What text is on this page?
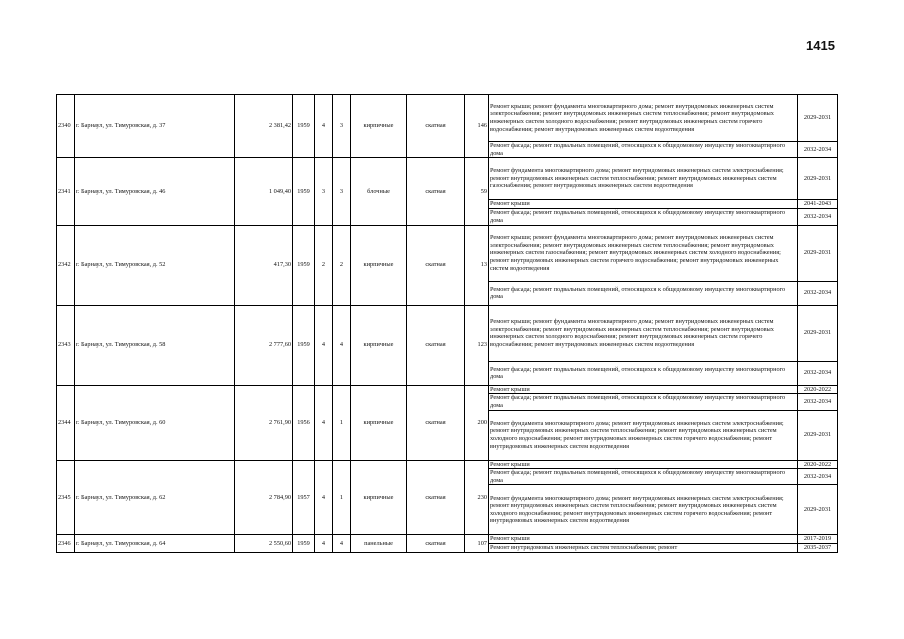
1415
2340	г. Барнаул, ул. Тимуровская, д. 37	2 381,42	1959	4	3	кирпичные	скатная	146	Ремонт крыши; ремонт фундамента многоквартирного дома; ремонт внутридомовых инженерных систем электроснабжения; ремонт внутридомовых инженерных систем теплоснабжения; ремонт внутридомовых инженерных систем холодного водоснабжения; ремонт внутридомовых инженерных систем горячего водоснабжения; ремонт внутридомовых инженерных систем водоотведения	2029-2031
									Ремонт фасада; ремонт подвальных помещений, относящихся к общедомовому имуществу многоквартирного дома	2032-2034
2341	г. Барнаул, ул. Тимуровская, д. 46	1 049,40	1959	3	3	блочные	скатная	59	Ремонт фундамента многоквартирного дома; ремонт внутридомовых инженерных систем электроснабжения; ремонт внутридомовых инженерных систем теплоснабжения; ремонт внутридомовых инженерных систем газоснабжения; ремонт внутридомовых инженерных систем водоотведения	2029-2031
									Ремонт крыши	2041-2043
									Ремонт фасада; ремонт подвальных помещений, относящихся к общедомовому имуществу многоквартирного дома	2032-2034
2342	г. Барнаул, ул. Тимуровская, д. 52	417,30	1959	2	2	кирпичные	скатная	13	Ремонт крыши; ремонт фундамента многоквартирного дома; ремонт внутридомовых инженерных систем электроснабжения; ремонт внутридомовых инженерных систем теплоснабжения; ремонт внутридомовых инженерных систем газоснабжения; ремонт внутридомовых инженерных систем холодного водоснабжения; ремонт внутридомовых инженерных систем горячего водоснабжения; ремонт внутридомовых инженерных систем водоотведения	2029-2031
									Ремонт фасада; ремонт подвальных помещений, относящихся к общедомовому имуществу многоквартирного дома	2032-2034
2343	г. Барнаул, ул. Тимуровская, д. 58	2 777,60	1959	4	4	кирпичные	скатная	123	Ремонт крыши; ремонт фундамента многоквартирного дома; ремонт внутридомовых инженерных систем электроснабжения; ремонт внутридомовых инженерных систем теплоснабжения; ремонт внутридомовых инженерных систем холодного водоснабжения; ремонт внутридомовых инженерных систем горячего водоснабжения; ремонт внутридомовых инженерных систем водоотведения	2029-2031
									Ремонт фасада; ремонт подвальных помещений, относящихся к общедомовому имуществу многоквартирного дома	2032-2034
2344	г. Барнаул, ул. Тимуровская, д. 60	2 761,90	1956	4	1	кирпичные	скатная	200	Ремонт крыши	2020-2022
									Ремонт фасада; ремонт подвальных помещений, относящихся к общедомовому имуществу многоквартирного дома	2032-2034
									Ремонт фундамента многоквартирного дома; ремонт внутридомовых инженерных систем электроснабжения; ремонт внутридомовых инженерных систем теплоснабжения; ремонт внутридомовых инженерных систем холодного водоснабжения; ремонт внутридомовых инженерных систем горячего водоснабжения; ремонт внутридомовых инженерных систем водоотведения	2029-2031
2345	г. Барнаул, ул. Тимуровская, д. 62	2 784,90	1957	4	1	кирпичные	скатная	230	Ремонт крыши	2020-2022
									Ремонт фасада; ремонт подвальных помещений, относящихся к общедомовому имуществу многоквартирного дома	2032-2034
									Ремонт фундамента многоквартирного дома; ремонт внутридомовых инженерных систем электроснабжения; ремонт внутридомовых инженерных систем теплоснабжения; ремонт внутридомовых инженерных систем холодного водоснабжения; ремонт внутридомовых инженерных систем горячего водоснабжения; ремонт внутридомовых инженерных систем водоотведения	2029-2031
2346	г. Барнаул, ул. Тимуровская, д. 64	2 550,60	1959	4	4	панельные	скатная	107	Ремонт крыши	2017-2019
									Ремонт внутридомовых инженерных систем теплоснабжения; ремонт	2035-2037
